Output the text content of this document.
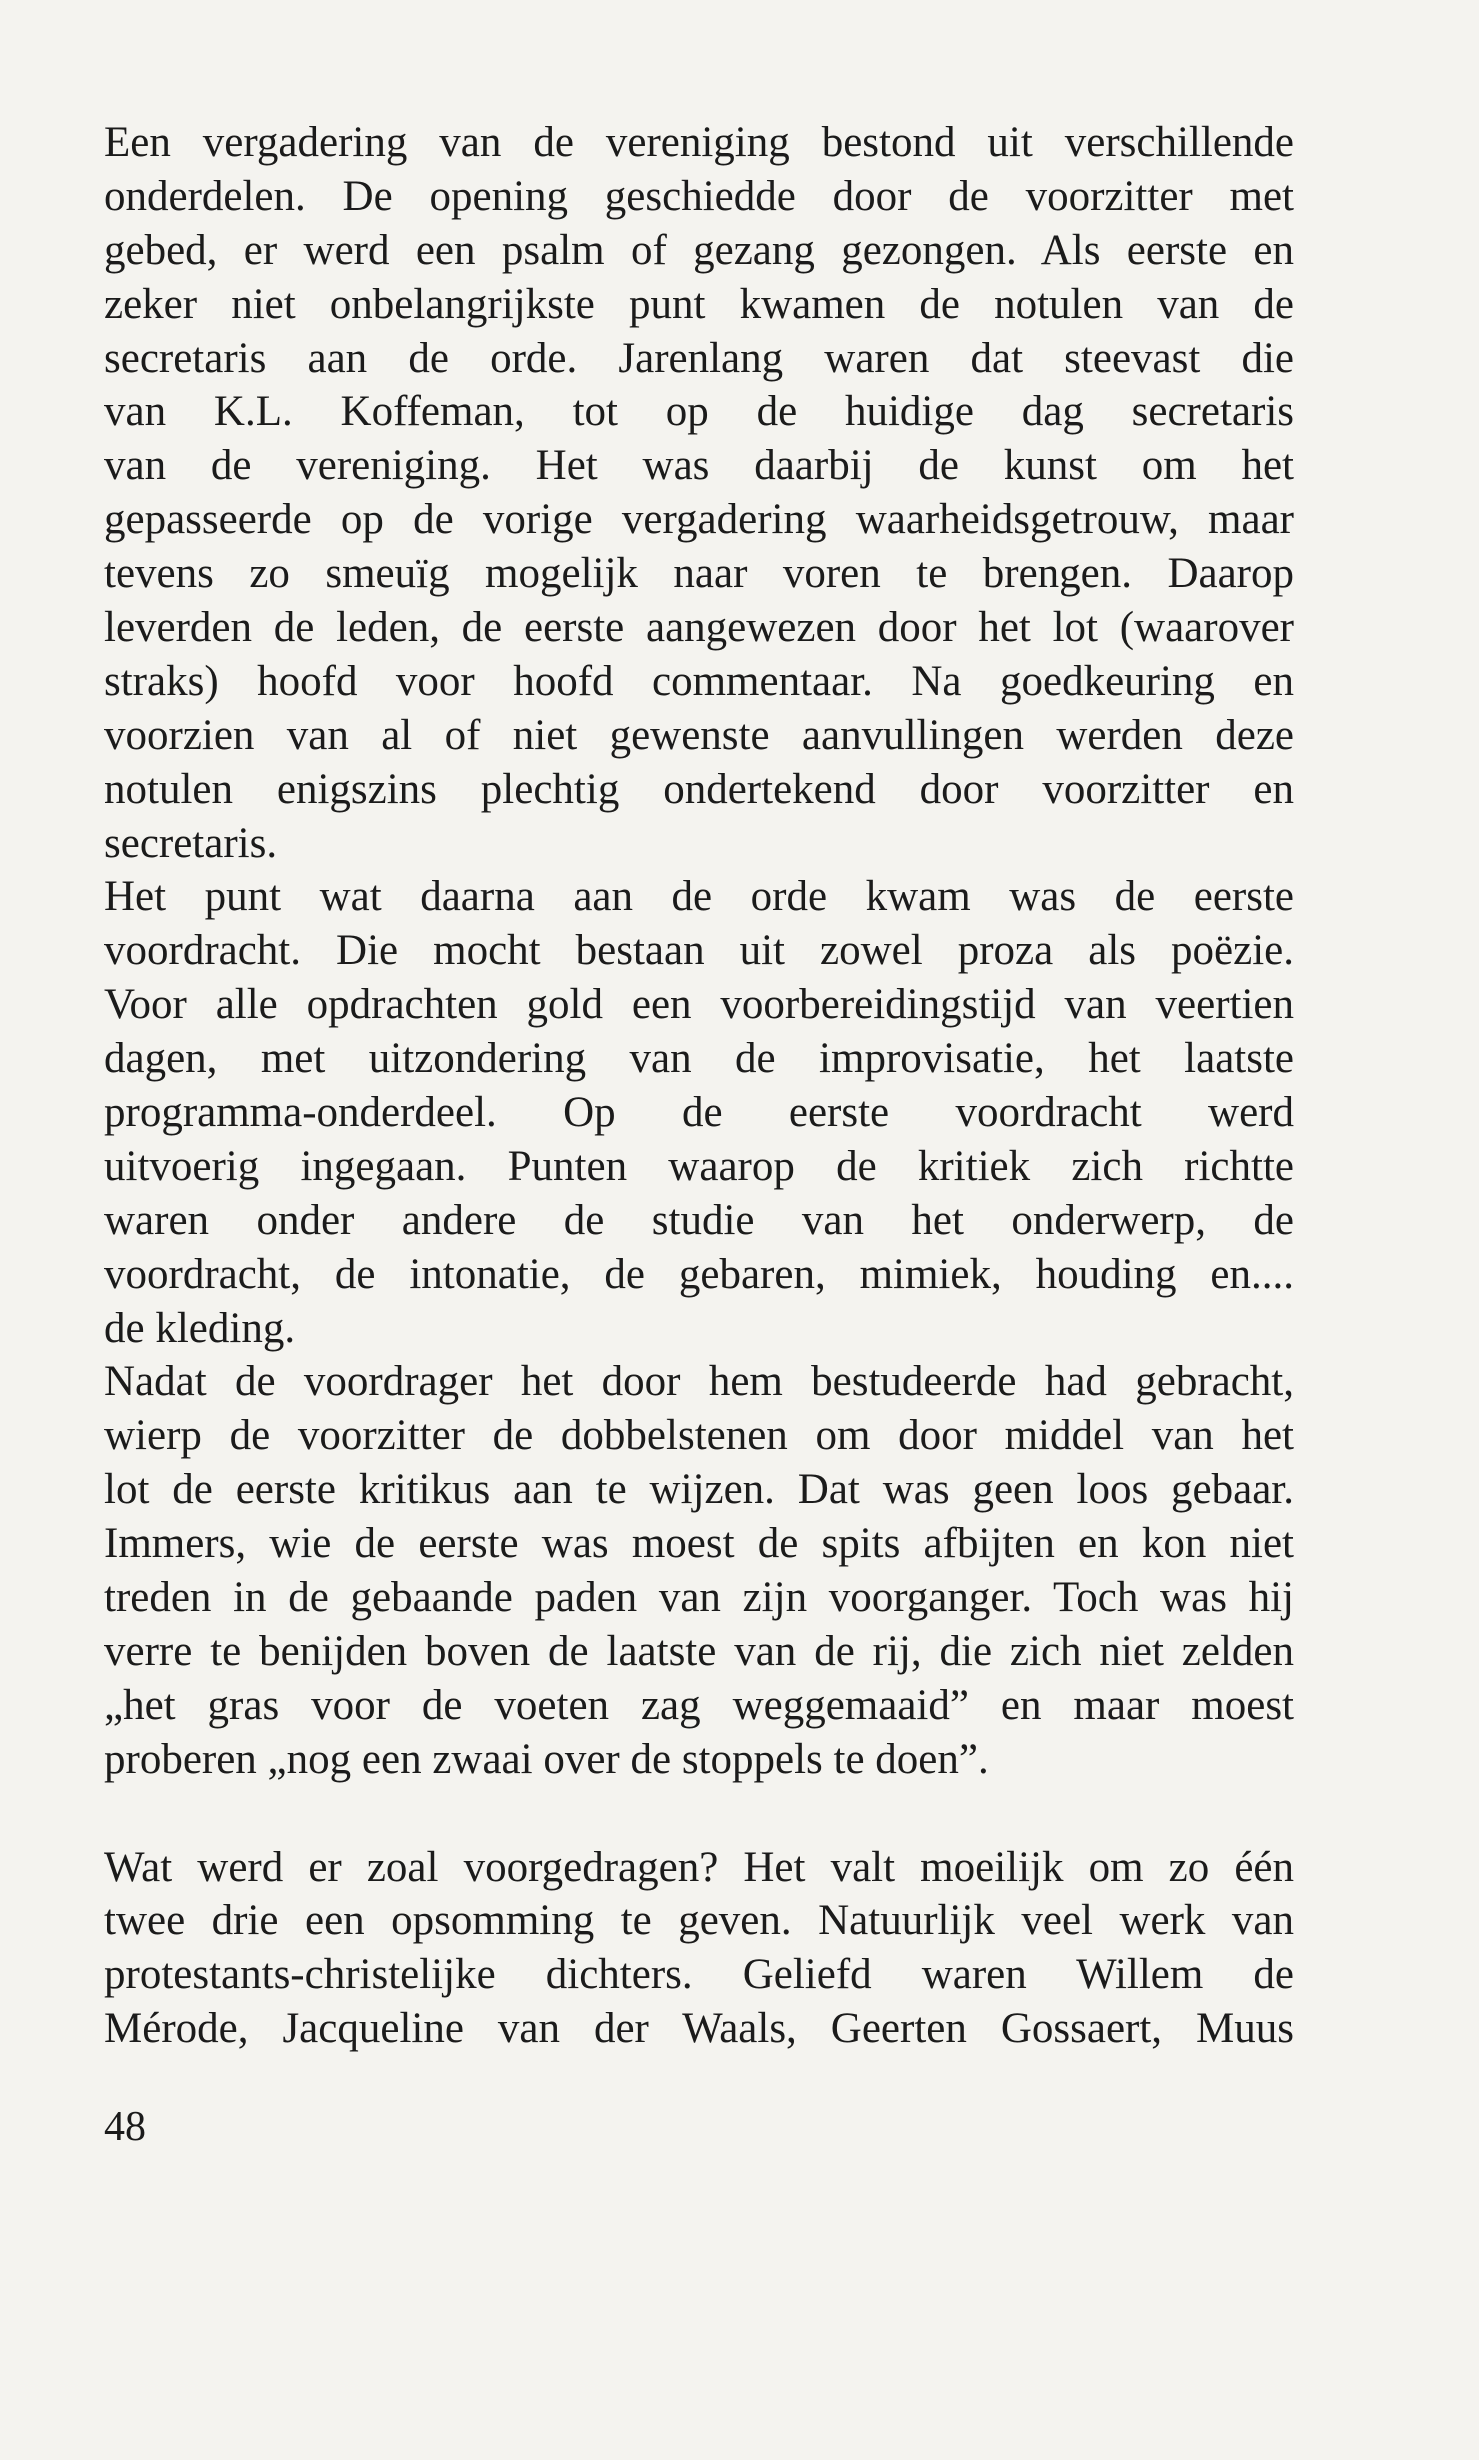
Een vergadering van de vereniging bestond uit verschillende
onderdelen. De opening geschiedde door de voorzitter met
gebed, er werd een psalm of gezang gezongen. Als eerste en
zeker niet onbelangrijkste punt kwamen de notulen van de
secretaris aan de orde. Jarenlang waren dat steevast die
van K.L. Koffeman, tot op de huidige dag secretaris
van de vereniging. Het was daarbij de kunst om het
gepasseerde op de vorige vergadering waarheidsgetrouw, maar
tevens zo smeuïg mogelijk naar voren te brengen. Daarop
leverden de leden, de eerste aangewezen door het lot (waarover
straks) hoofd voor hoofd commentaar. Na goedkeuring en
voorzien van al of niet gewenste aanvullingen werden deze
notulen enigszins plechtig ondertekend door voorzitter en
secretaris.
Het punt wat daarna aan de orde kwam was de eerste
voordracht. Die mocht bestaan uit zowel proza als poëzie.
Voor alle opdrachten gold een voorbereidingstijd van veertien
dagen, met uitzondering van de improvisatie, het laatste
programma-onderdeel. Op de eerste voordracht werd
uitvoerig ingegaan. Punten waarop de kritiek zich richtte
waren onder andere de studie van het onderwerp, de
voordracht, de intonatie, de gebaren, mimiek, houding en....
de kleding.
Nadat de voordrager het door hem bestudeerde had gebracht,
wierp de voorzitter de dobbelstenen om door middel van het
lot de eerste kritikus aan te wijzen. Dat was geen loos gebaar.
Immers, wie de eerste was moest de spits afbijten en kon niet
treden in de gebaande paden van zijn voorganger. Toch was hij
verre te benijden boven de laatste van de rij, die zich niet zelden
„het gras voor de voeten zag weggemaaid” en maar moest
proberen „nog een zwaai over de stoppels te doen”.
Wat werd er zoal voorgedragen? Het valt moeilijk om zo één
twee drie een opsomming te geven. Natuurlijk veel werk van
protestants-christelijke dichters. Geliefd waren Willem de
Mérode, Jacqueline van der Waals, Geerten Gossaert, Muus
48
